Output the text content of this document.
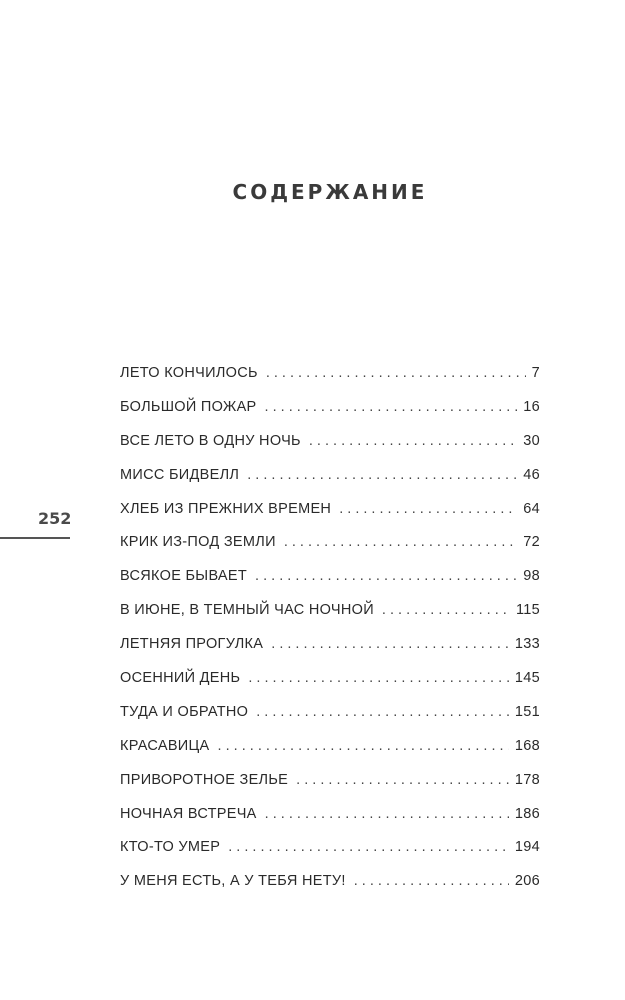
СОДЕРЖАНИЕ
252
ЛЕТО КОНЧИЛОСЬ . . .	7
БОЛЬШОЙ ПОЖАР . . .	16
ВСЕ ЛЕТО В ОДНУ НОЧЬ . . .	30
МИСС БИДВЕЛЛ . . .	46
ХЛЕБ ИЗ ПРЕЖНИХ ВРЕМЕН . . .	64
КРИК ИЗ-ПОД ЗЕМЛИ . . .	72
ВСЯКОЕ БЫВАЕТ . . .	98
В ИЮНЕ, В ТЕМНЫЙ ЧАС НОЧНОЙ . . .	115
ЛЕТНЯЯ ПРОГУЛКА . . .	133
ОСЕННИЙ ДЕНЬ . . .	145
ТУДА И ОБРАТНО . . .	151
КРАСАВИЦА . . .	168
ПРИВОРОТНОЕ ЗЕЛЬЕ . . .	178
НОЧНАЯ ВСТРЕЧА . . .	186
КТО-ТО УМЕР . . .	194
У МЕНЯ ЕСТЬ, А У ТЕБЯ НЕТУ! . . .	206
